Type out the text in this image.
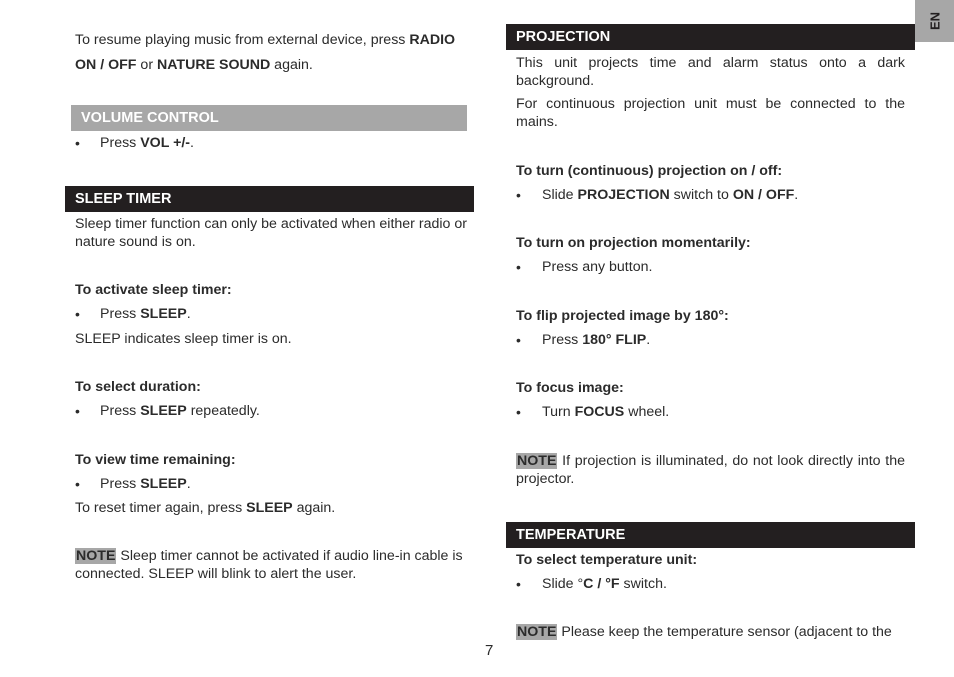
EN
To resume playing music from external device, press RADIO
ON / OFF or NATURE SOUND again.
VOLUME CONTROL
• Press VOL +/-.
SLEEP TIMER
Sleep timer function can only be activated when either radio or nature sound is on.
To activate sleep timer:
• Press SLEEP.
SLEEP indicates sleep timer is on.
To select duration:
• Press SLEEP repeatedly.
To view time remaining:
• Press SLEEP.
To reset timer again, press SLEEP again.
NOTE Sleep timer cannot be activated if audio line-in cable is connected. SLEEP will blink to alert the user.
PROJECTION
This unit projects time and alarm status onto a dark background.
For continuous projection unit must be connected to the mains.
To turn (continuous) projection on / off:
• Slide PROJECTION switch to ON / OFF.
To turn on projection momentarily:
• Press any button.
To flip projected image by 180°:
• Press 180° FLIP.
To focus image:
• Turn FOCUS wheel.
NOTE If projection is illuminated, do not look directly into the projector.
TEMPERATURE
To select temperature unit:
• Slide °C / °F switch.
NOTE Please keep the temperature sensor (adjacent to the
7
